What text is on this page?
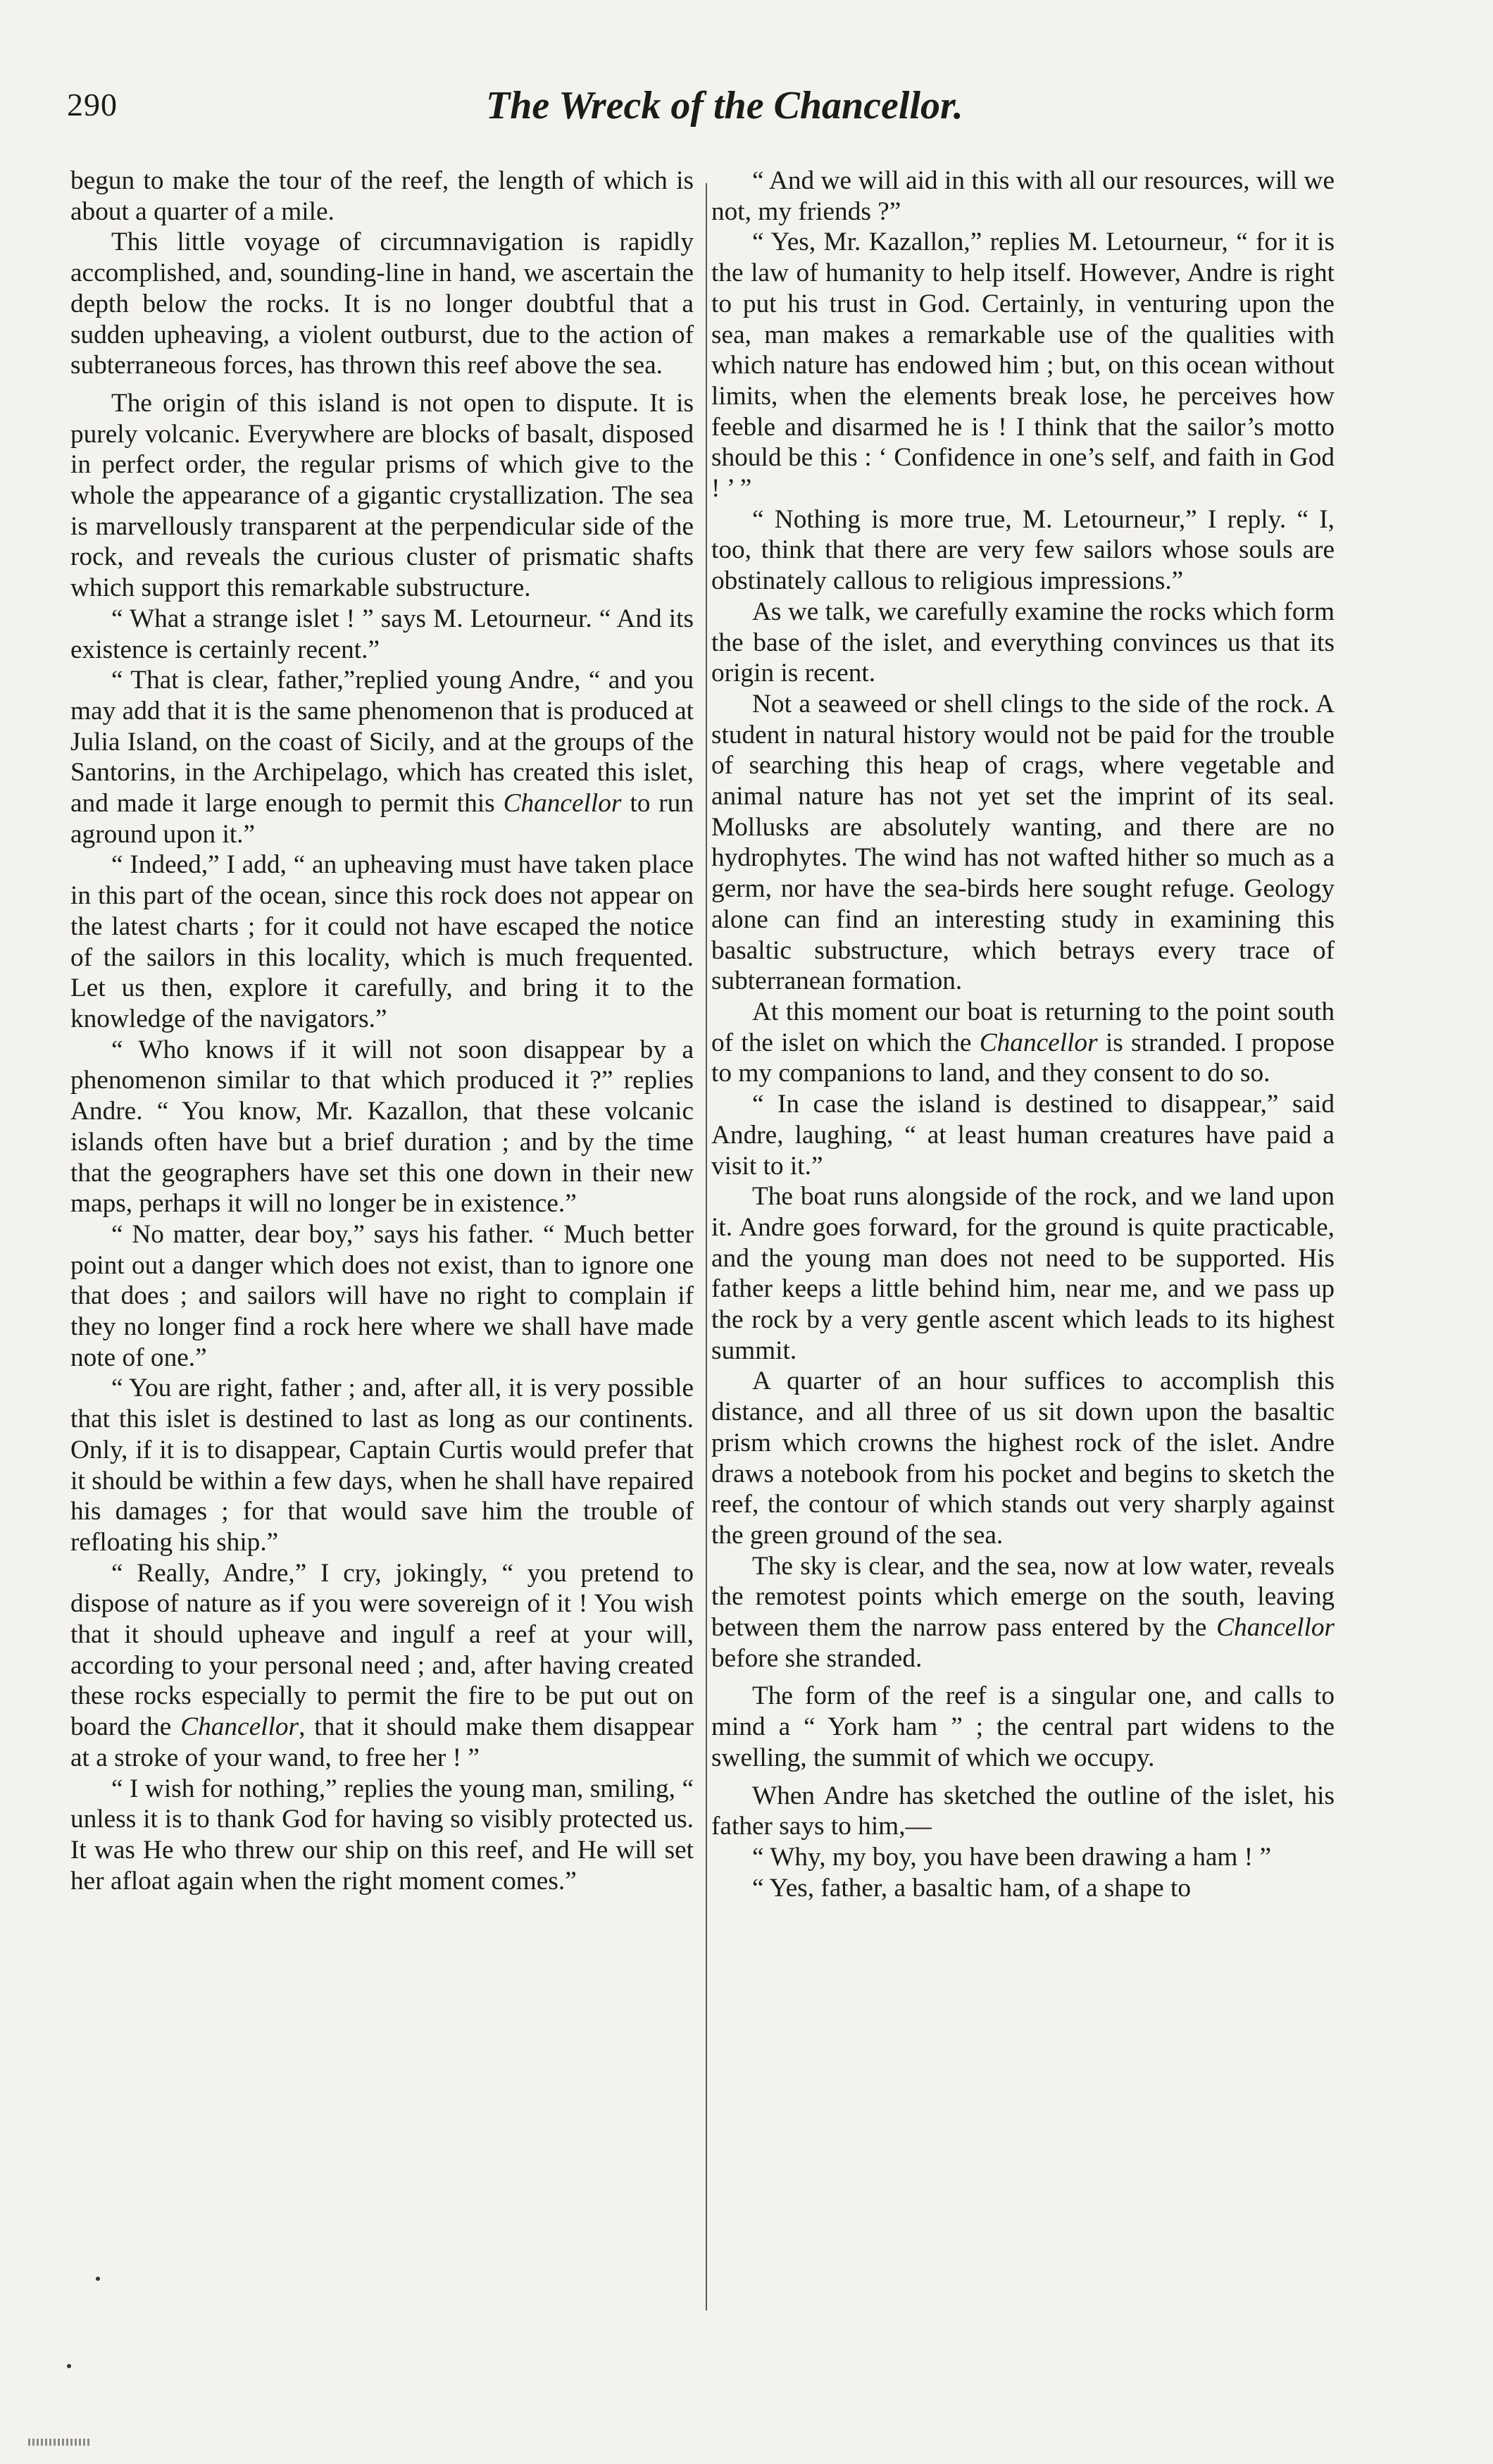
290	The Wreck of the Chancellor.

begun to make the tour of the reef, the length of which is about a quarter of a mile.

This little voyage of circumnavigation is rapidly accomplished, and, sounding-line in hand, we ascertain the depth below the rocks. It is no longer doubtful that a sudden upheaving, a violent outburst, due to the action of subterraneous forces, has thrown this reef above the sea.

The origin of this island is not open to dispute. It is purely volcanic. Everywhere are blocks of basalt, disposed in perfect order, the regular prisms of which give to the whole the appearance of a gigantic crystallization. The sea is marvellously transparent at the perpendicular side of the rock, and reveals the curious cluster of prismatic shafts which support this remarkable substructure.

“ What a strange islet ! ” says M. Letourneur. “ And its existence is certainly recent.”

“ That is clear, father,”replied young Andre, “ and you may add that it is the same phenomenon that is produced at Julia Island, on the coast of Sicily, and at the groups of the Santorins, in the Archipelago, which has created this islet, and made it large enough to permit this Chancellor to run aground upon it.”

“ Indeed,” I add, “ an upheaving must have taken place in this part of the ocean, since this rock does not appear on the latest charts ; for it could not have escaped the notice of the sailors in this locality, which is much frequented. Let us then, explore it carefully, and bring it to the knowledge of the navigators.”

“ Who knows if it will not soon disappear by a phenomenon similar to that which produced it ?” replies Andre. “ You know, Mr. Kazallon, that these volcanic islands often have but a brief duration ; and by the time that the geographers have set this one down in their new maps, perhaps it will no longer be in existence.”

“ No matter, dear boy,” says his father. “ Much better point out a danger which does not exist, than to ignore one that does ; and sailors will have no right to complain if they no longer find a rock here where we shall have made note of one.”

“ You are right, father ; and, after all, it is very possible that this islet is destined to last as long as our continents. Only, if it is to disappear, Captain Curtis would prefer that it should be within a few days, when he shall have repaired his damages ; for that would save him the trouble of refloating his ship.”

“ Really, Andre,” I cry, jokingly, “ you pretend to dispose of nature as if you were sovereign of it ! You wish that it should upheave and ingulf a reef at your will, according to your personal need ; and, after having created these rocks especially to permit the fire to be put out on board the Chancellor, that it should make them disappear at a stroke of your wand, to free her ! ”

“ I wish for nothing,” replies the young man, smiling, “ unless it is to thank God for having so visibly protected us. It was He who threw our ship on this reef, and He will set her afloat again when the right moment comes.”

“ And we will aid in this with all our resources, will we not, my friends ?”

“ Yes, Mr. Kazallon,” replies M. Letourneur, “ for it is the law of humanity to help itself. However, Andre is right to put his trust in God. Certainly, in venturing upon the sea, man makes a remarkable use of the qualities with which nature has endowed him ; but, on this ocean without limits, when the elements break lose, he perceives how feeble and disarmed he is ! I think that the sailor’s motto should be this : ‘ Confidence in one’s self, and faith in God ! ’ ”

“ Nothing is more true, M. Letourneur,” I reply. “ I, too, think that there are very few sailors whose souls are obstinately callous to religious impressions.”

As we talk, we carefully examine the rocks which form the base of the islet, and everything convinces us that its origin is recent.

Not a seaweed or shell clings to the side of the rock. A student in natural history would not be paid for the trouble of searching this heap of crags, where vegetable and animal nature has not yet set the imprint of its seal. Mollusks are absolutely wanting, and there are no hydrophytes. The wind has not wafted hither so much as a germ, nor have the sea-birds here sought refuge. Geology alone can find an interesting study in examining this basaltic substructure, which betrays every trace of subterranean formation.

At this moment our boat is returning to the point south of the islet on which the Chancellor is stranded. I propose to my companions to land, and they consent to do so.

“ In case the island is destined to disappear,” said Andre, laughing, “ at least human creatures have paid a visit to it.”

The boat runs alongside of the rock, and we land upon it. Andre goes forward, for the ground is quite practicable, and the young man does not need to be supported. His father keeps a little behind him, near me, and we pass up the rock by a very gentle ascent which leads to its highest summit.

A quarter of an hour suffices to accomplish this distance, and all three of us sit down upon the basaltic prism which crowns the highest rock of the islet. Andre draws a notebook from his pocket and begins to sketch the reef, the contour of which stands out very sharply against the green ground of the sea.

The sky is clear, and the sea, now at low water, reveals the remotest points which emerge on the south, leaving between them the narrow pass entered by the Chancellor before she stranded.

The form of the reef is a singular one, and calls to mind a “ York ham ” ; the central part widens to the swelling, the summit of which we occupy.

When Andre has sketched the outline of the islet, his father says to him,—

“ Why, my boy, you have been drawing a ham ! ”

“ Yes, father, a basaltic ham, of a shape to
